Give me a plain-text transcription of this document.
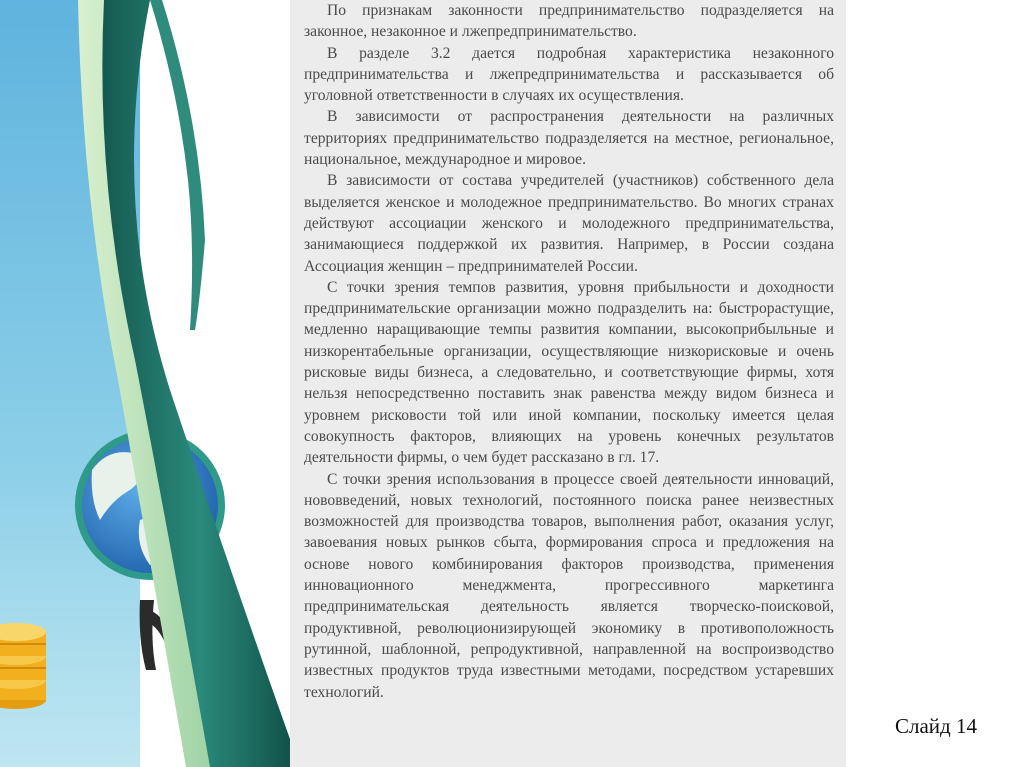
По признакам законности предпринимательство подразделяется на законное, незаконное и лжепредпринимательство.

В разделе 3.2 дается подробная характеристика незаконного предпринимательства и лжепредпринимательства и рассказывается об уголовной ответственности в случаях их осуществления.

В зависимости от распространения деятельности на различных территориях предпринимательство подразделяется на местное, региональное, национальное, международное и мировое.

В зависимости от состава учредителей (участников) собственного дела выделяется женское и молодежное предпринимательство. Во многих странах действуют ассоциации женского и молодежного предпринимательства, занимающиеся поддержкой их развития. Например, в России создана Ассоциация женщин – предпринимателей России.

С точки зрения темпов развития, уровня прибыльности и доходности предпринимательские организации можно подразделить на: быстрорастущие, медленно наращивающие темпы развития компании, высокоприбыльные и низкорентабельные организации, осуществляющие низкорисковые и очень рисковые виды бизнеса, а следовательно, и соответствующие фирмы, хотя нельзя непосредственно поставить знак равенства между видом бизнеса и уровнем рисковости той или иной компании, поскольку имеется целая совокупность факторов, влияющих на уровень конечных результатов деятельности фирмы, о чем будет рассказано в гл. 17.

С точки зрения использования в процессе своей деятельности инноваций, нововведений, новых технологий, постоянного поиска ранее неизвестных возможностей для производства товаров, выполнения работ, оказания услуг, завоевания новых рынков сбыта, формирования спроса и предложения на основе нового комбинирования факторов производства, применения инновационного менеджмента, прогрессивного маркетинга предпринимательская деятельность является творческо-поисковой, продуктивной, революционизирующей экономику в противоположность рутинной, шаблонной, репродуктивной, направленной на воспроизводство известных продуктов труда известными методами, посредством устаревших технологий.

Слайд 14
